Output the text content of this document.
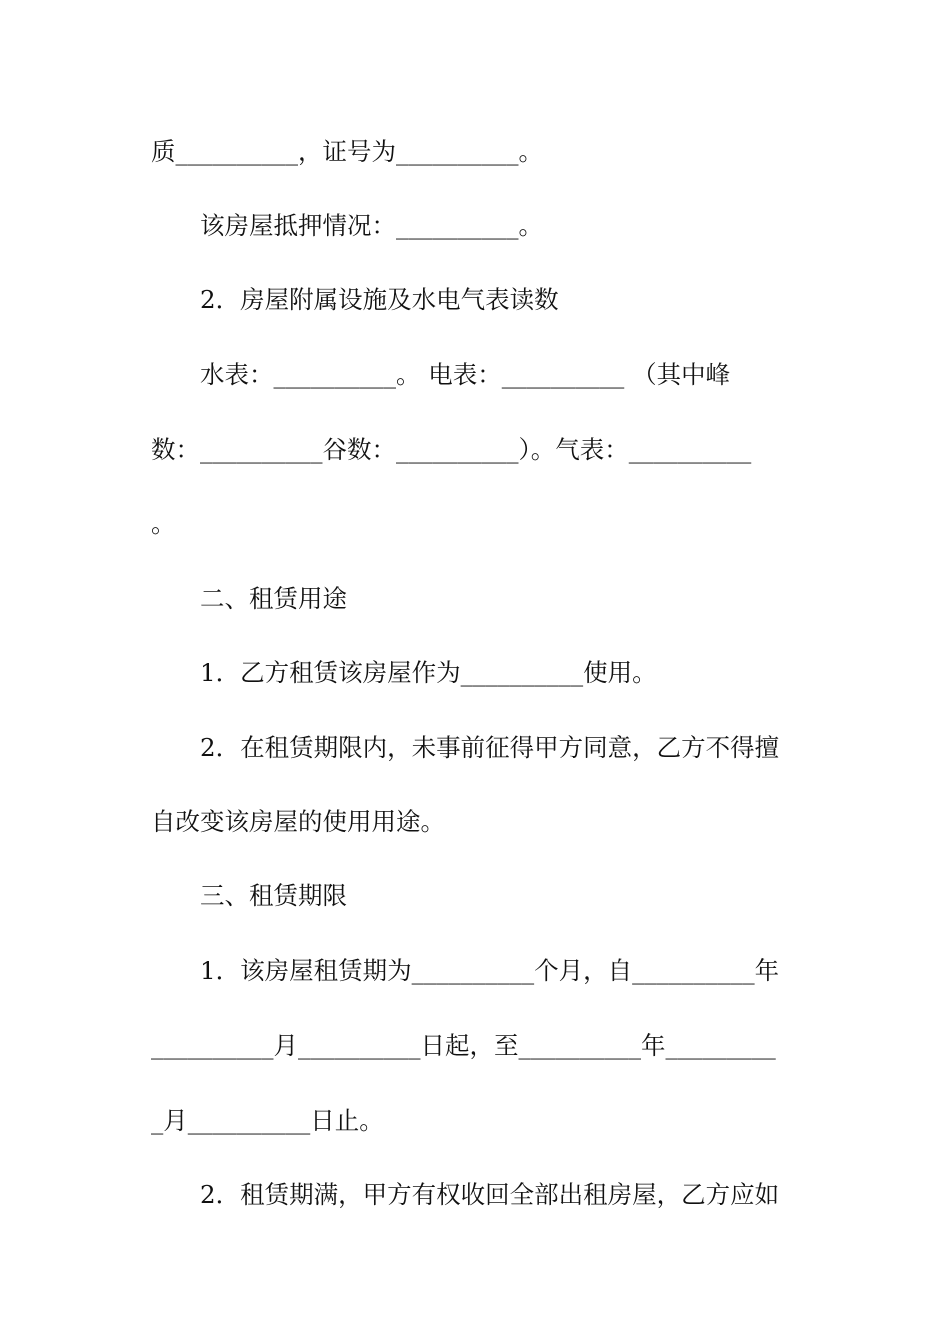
质__________，证号为__________。
该房屋抵押情况：__________。
2．房屋附属设施及水电气表读数
水表：__________。 电表：__________ （其中峰
数：__________谷数：__________）。气表：__________
。
二、租赁用途
1．乙方租赁该房屋作为__________使用。
2．在租赁期限内，未事前征得甲方同意，乙方不得擅
自改变该房屋的使用用途。
三、租赁期限
1．该房屋租赁期为__________个月，自__________年
__________月__________日起，至__________年_________
_月__________日止。
2．租赁期满，甲方有权收回全部出租房屋，乙方应如
